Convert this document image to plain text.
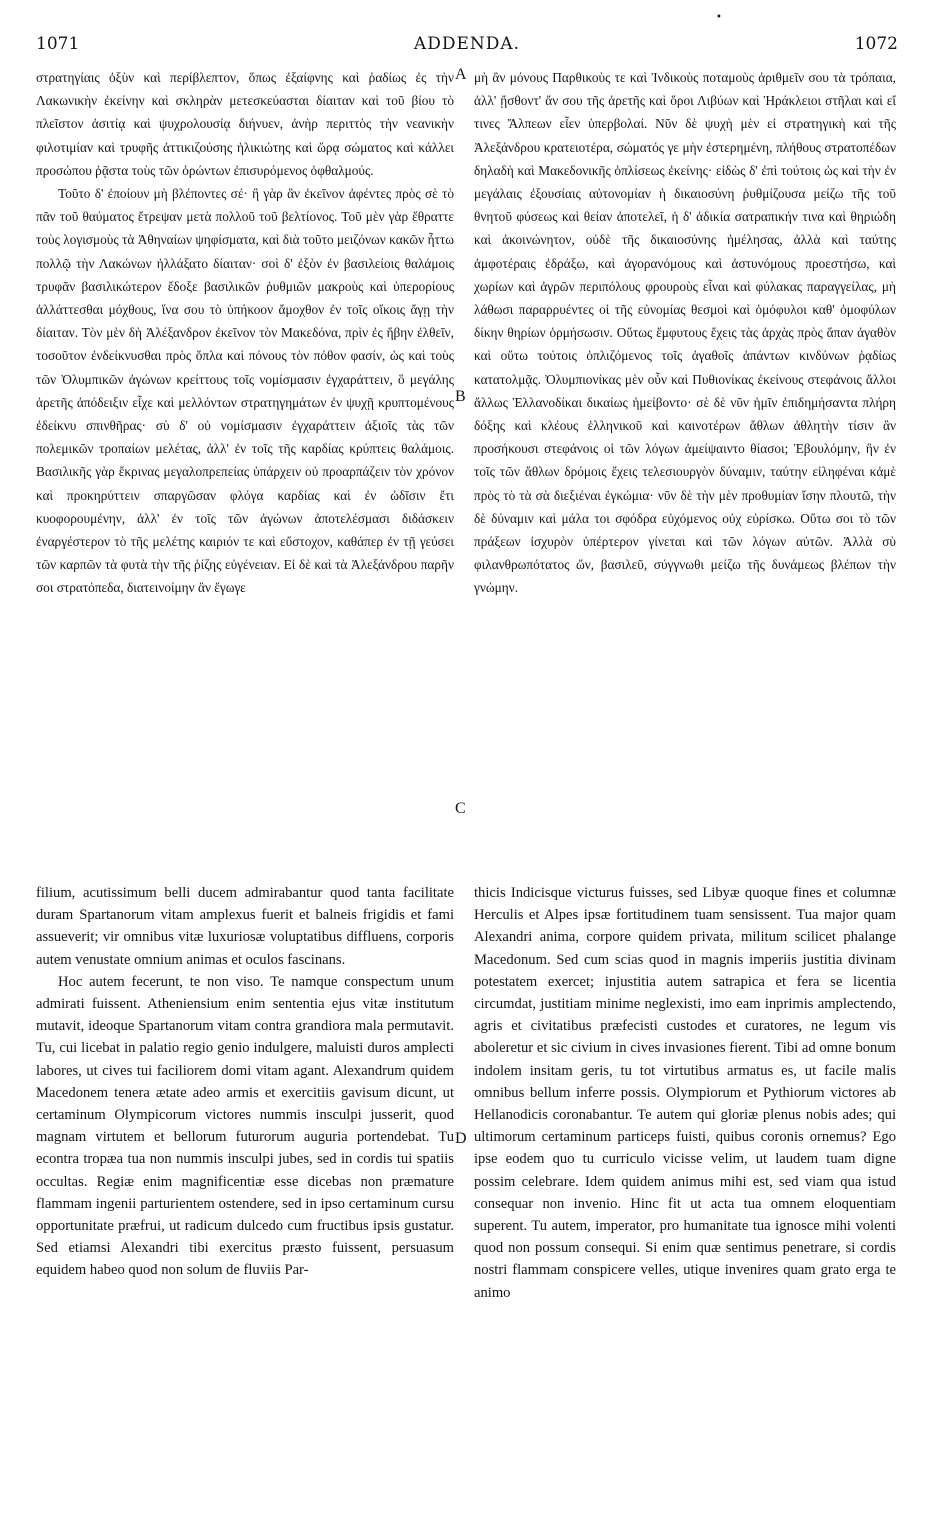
•
1071	ADDENDA.	1072
A
B
C
D

στρατηγίαις ὀξὺν καὶ περίβλεπτον, ὅπως ἐξαίφνης καὶ ῥαδίως ἐς τὴν Λακωνικὴν ἐκείνην καὶ σκληρὰν μετεσκεύασται δίαιταν καὶ τοῦ βίου τὸ πλεῖστον ἀσιτίᾳ καὶ ψυχρολουσίᾳ διήνυεν, ἀνὴρ περιττὸς τὴν νεανικὴν φιλοτιμίαν καὶ τρυφῆς ἀττικιζούσης ἡλικιώτης καὶ ὥρᾳ σώματος καὶ κάλλει προσώπου ῥᾷστα τοὺς τῶν ὁρώντων ἐπισυρόμενος ὀφθαλμούς.

Τοῦτο δ' ἐποίουν μὴ βλέποντες σέ· ἢ γὰρ ἂν ἐκεῖνον ἀφέντες πρὸς σὲ τὸ πᾶν τοῦ θαύματος ἔτρεψαν μετὰ πολλοῦ τοῦ βελτίονος. Τοῦ μὲν γὰρ ἔθραττε τοὺς λογισμοὺς τὰ Ἀθηναίων ψηφίσματα, καὶ διὰ τοῦτο μειζόνων κακῶν ἧττω πολλῷ τὴν Λακώνων ἠλλάξατο δίαιταν· σοὶ δ' ἐξὸν ἐν βασιλείοις θαλάμοις τρυφᾶν βασιλικώτερον ἔδοξε βασιλικῶν ῥυθμιῶν μακροὺς καὶ ὑπερορίους ἀλλάττεσθαι μόχθους, ἵνα σου τὸ ὑπήκοον ἄμοχθον ἐν τοῖς οἴκοις ἄγῃ τὴν δίαιταν. Τὸν μὲν δὴ Ἀλέξανδρον ἐκεῖνον τὸν Μακεδόνα, πρὶν ἐς ἥβην ἐλθεῖν, τοσοῦτον ἐνδείκνυσθαι πρὸς ὅπλα καὶ πόνους τὸν πόθον φασίν, ὡς καὶ τοὺς τῶν Ὀλυμπικῶν ἀγώνων κρείττους τοῖς νομίσμασιν ἐγχαράττειν, ὃ μεγάλης ἀρετῆς ἀπόδειξιν εἶχε καὶ μελλόντων στρατηγημάτων ἐν ψυχῇ κρυπτομένους ἐδείκνυ σπινθῆρας· σὺ δ' οὐ νομίσμασιν ἐγχαράττειν ἀξιοῖς τὰς τῶν πολεμικῶν τροπαίων μελέτας, ἀλλ' ἐν τοῖς τῆς καρδίας κρύπτεις θαλάμοις. Βασιλικῆς γὰρ ἔκρινας μεγαλοπρεπείας ὑπάρχειν οὐ προαρπάζειν τὸν χρόνον καὶ προκηρύττειν σπαργῶσαν φλόγα καρδίας καὶ ἐν ὠδῖσιν ἔτι κυοφορουμένην, ἀλλ' ἐν τοῖς τῶν ἀγώνων ἀποτελέσμασι διδάσκειν ἐναργέστερον τὸ τῆς μελέτης καιριόν τε καὶ εὔστοχον, καθάπερ ἐν τῇ γεύσει τῶν καρπῶν τὰ φυτὰ τὴν τῆς ῥίζης εὐγένειαν. Εἰ δὲ καὶ τὰ Ἀλεξάνδρου παρῆν σοι στρατόπεδα, διατεινοίμην ἂν ἔγωγε

μὴ ἂν μόνους Παρθικοὺς τε καὶ Ἰνδικοὺς ποταμοὺς ἀριθμεῖν σου τὰ τρόπαια, ἀλλ' ᾔσθοντ' ἄν σου τῆς ἀρετῆς καὶ ὅροι Λιβύων καὶ Ἡράκλειοι στῆλαι καὶ εἴ τινες Ἄλπεων εἶεν ὑπερβολαί. Νῦν δὲ ψυχὴ μὲν εἰ στρατηγικὴ καὶ τῆς Ἀλεξάνδρου κρατειοτέρα, σώματός γε μὴν ἐστερημένη, πλήθους στρατοπέδων δηλαδὴ καὶ Μακεδονικῆς ὁπλίσεως ἐκείνης· εἰδὼς δ' ἐπὶ τούτοις ὡς καὶ τὴν ἐν μεγάλαις ἐξουσίαις αὐτονομίαν ἡ δικαιοσύνη ῥυθμίζουσα μείζω τῆς τοῦ θνητοῦ φύσεως καὶ θείαν ἀποτελεῖ, ἡ δ' ἀδικία σατραπικήν τινα καὶ θηριώδη καὶ ἀκοινώνητον, οὐδὲ τῆς δικαιοσύνης ἠμέλησας, ἀλλὰ καὶ ταύτης ἀμφοτέραις ἐδράξω, καὶ ἀγορανόμους καὶ ἀστυνόμους προεστήσω, καὶ χωρίων καὶ ἀγρῶν περιπόλους φρουροὺς εἶναι καὶ φύλακας παραγγείλας, μὴ λάθωσι παραρρυέντες οἱ τῆς εὐνομίας θεσμοὶ καὶ ὁμόφυλοι καθ' ὁμοφύλων δίκην θηρίων ὁρμήσωσιν. Οὕτως ἔμφυτους ἔχεις τὰς ἀρχὰς πρὸς ἅπαν ἀγαθὸν καὶ οὕτω τούτοις ὁπλιζόμενος τοῖς ἀγαθοῖς ἁπάντων κινδύνων ῥᾳδίως κατατολμᾷς. Ὀλυμπιονίκας μὲν οὖν καὶ Πυθιονίκας ἐκείνους στεφάνοις ἄλλοι ἄλλως Ἑλλανοδίκαι δικαίως ἠμείβοντο· σὲ δὲ νῦν ἡμῖν ἐπιδημήσαντα πλήρη δόξης καὶ κλέους ἑλληνικοῦ καὶ καινοτέρων ἄθλων ἀθλητὴν τίσιν ἂν προσήκουσι στεφάνοις οἱ τῶν λόγων ἀμείψαιντο θίασοι; Ἐβουλόμην, ἣν ἐν τοῖς τῶν ἄθλων δρόμοις ἔχεις τελεσιουργὸν δύναμιν, ταύτην εἰληφέναι κἀμὲ πρὸς τὸ τὰ σὰ διεξιέναι ἐγκώμια· νῦν δὲ τὴν μὲν προθυμίαν ἴσην πλουτῶ, τὴν δὲ δύναμιν καὶ μάλα τοι σφόδρα εὐχόμενος οὐχ εὑρίσκω. Οὕτω σοι τὸ τῶν πράξεων ἰσχυρὸν ὑπέρτερον γίνεται καὶ τῶν λόγων αὐτῶν. Ἀλλὰ σὺ φιλανθρωπότατος ὤν, βασιλεῦ, σύγγνωθι μείζω τῆς δυνάμεως βλέπων τὴν γνώμην.

filium, acutissimum belli ducem admirabantur quod tanta facilitate duram Spartanorum vitam amplexus fuerit et balneis frigidis et fami assueverit; vir omnibus vitæ luxuriosæ voluptatibus diffluens, corporis autem venustate omnium animas et oculos fascinans.

Hoc autem fecerunt, te non viso. Te namque conspectum unum admirati fuissent. Atheniensium enim sententia ejus vitæ institutum mutavit, ideoque Spartanorum vitam contra grandiora mala permutavit. Tu, cui licebat in palatio regio genio indulgere, maluisti duros amplecti labores, ut cives tui faciliorem domi vitam agant. Alexandrum quidem Macedonem tenera ætate adeo armis et exercitiis gavisum dicunt, ut certaminum Olympicorum victores nummis insculpi jusserit, quod magnam virtutem et bellorum futurorum auguria portendebat. Tu econtra tropæa tua non nummis insculpi jubes, sed in cordis tui spatiis occultas. Regiæ enim magnificentiæ esse dicebas non præmature flammam ingenii parturientem ostendere, sed in ipso certaminum cursu opportunitate præfrui, ut radicum dulcedo cum fructibus ipsis gustatur. Sed etiamsi Alexandri tibi exercitus præsto fuissent, persuasum equidem habeo quod non solum de fluviis Par-

thicis Indicisque victurus fuisses, sed Libyæ quoque fines et columnæ Herculis et Alpes ipsæ fortitudinem tuam sensissent. Tua major quam Alexandri anima, corpore quidem privata, militum scilicet phalange Macedonum. Sed cum scias quod in magnis imperiis justitia divinam potestatem exercet; injustitia autem satrapica et fera se licentia circumdat, justitiam minime neglexisti, imo eam inprimis amplectendo, agris et civitatibus præfecisti custodes et curatores, ne legum vis aboleretur et sic civium in cives invasiones fierent. Tibi ad omne bonum indolem insitam geris, tu tot virtutibus armatus es, ut facile malis omnibus bellum inferre possis. Olympiorum et Pythiorum victores ab Hellanodicis coronabantur. Te autem qui gloriæ plenus nobis ades; qui ultimorum certaminum particeps fuisti, quibus coronis ornemus? Ego ipse eodem quo tu curriculo vicisse velim, ut laudem tuam digne possim celebrare. Idem quidem animus mihi est, sed viam qua istud consequar non invenio. Hinc fit ut acta tua omnem eloquentiam superent. Tu autem, imperator, pro humanitate tua ignosce mihi volenti quod non possum consequi. Si enim quæ sentimus penetrare, si cordis nostri flammam conspicere velles, utique invenires quam grato erga te animo
